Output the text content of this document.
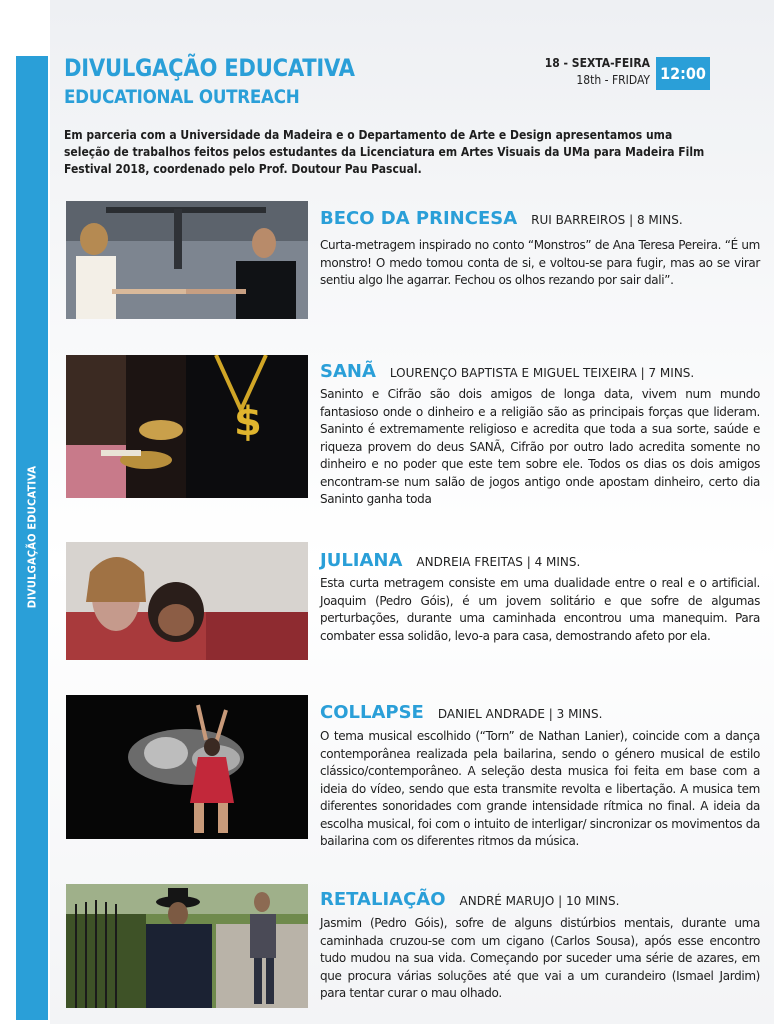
DIVULGAÇÃO EDUCATIVA
DIVULGAÇÃO EDUCATIVA
EDUCATIONAL OUTREACH
18 - SEXTA-FEIRA
18th - FRIDAY 12:00
Em parceria com a Universidade da Madeira e o Departamento de Arte e Design apresentamos uma seleção de trabalhos feitos pelos estudantes da Licenciatura em Artes Visuais da UMa para Madeira Film Festival 2018, coordenado pelo Prof. Doutour Pau Pascual.
BECO DA PRINCESA RUI BARREIROS | 8 MINS.
Curta-metragem inspirado no conto “Monstros” de Ana Teresa Pereira. “É um monstro! O medo tomou conta de si, e voltou-se para fugir, mas ao se virar sentiu algo lhe agarrar. Fechou os olhos rezando por sair dali”.
$
SANÃ LOURENÇO BAPTISTA E MIGUEL TEIXEIRA | 7 MINS.
Saninto e Cifrão são dois amigos de longa data, vivem num mundo fantasioso onde o dinheiro e a religião são as principais forças que lideram. Saninto é extremamente religioso e acredita que toda a sua sorte, saúde e riqueza provem do deus SANÃ, Cifrão por outro lado acredita somente no dinheiro e no poder que este tem sobre ele. Todos os dias os dois amigos encontram-se num salão de jogos antigo onde apostam dinheiro, certo dia Saninto ganha toda
JULIANA ANDREIA FREITAS | 4 MINS.
Esta curta metragem consiste em uma dualidade entre o real e o artificial. Joaquim (Pedro Góis), é um jovem solitário e que sofre de algumas perturbações, durante uma caminhada encontrou uma manequim. Para combater essa solidão, levo-a para casa, demostrando afeto por ela.
COLLAPSE DANIEL ANDRADE | 3 MINS.
O tema musical escolhido (“Torn” de Nathan Lanier), coincide com a dança contemporânea realizada pela bailarina, sendo o género musical de estilo clássico/contemporâneo. A seleção desta musica foi feita em base com a ideia do vídeo, sendo que esta transmite revolta e libertação. A musica tem diferentes sonoridades com grande intensidade rítmica no final. A ideia da escolha musical, foi com o intuito de interligar/ sincronizar os movimentos da bailarina com os diferentes ritmos da música.
RETALIAÇÃO ANDRÉ MARUJO | 10 MINS.
Jasmim (Pedro Góis), sofre de alguns distúrbios mentais, durante uma caminhada cruzou-se com um cigano (Carlos Sousa), após esse encontro tudo mudou na sua vida. Começando por suceder uma série de azares, em que procura várias soluções até que vai a um curandeiro (Ismael Jardim) para tentar curar o mau olhado.
